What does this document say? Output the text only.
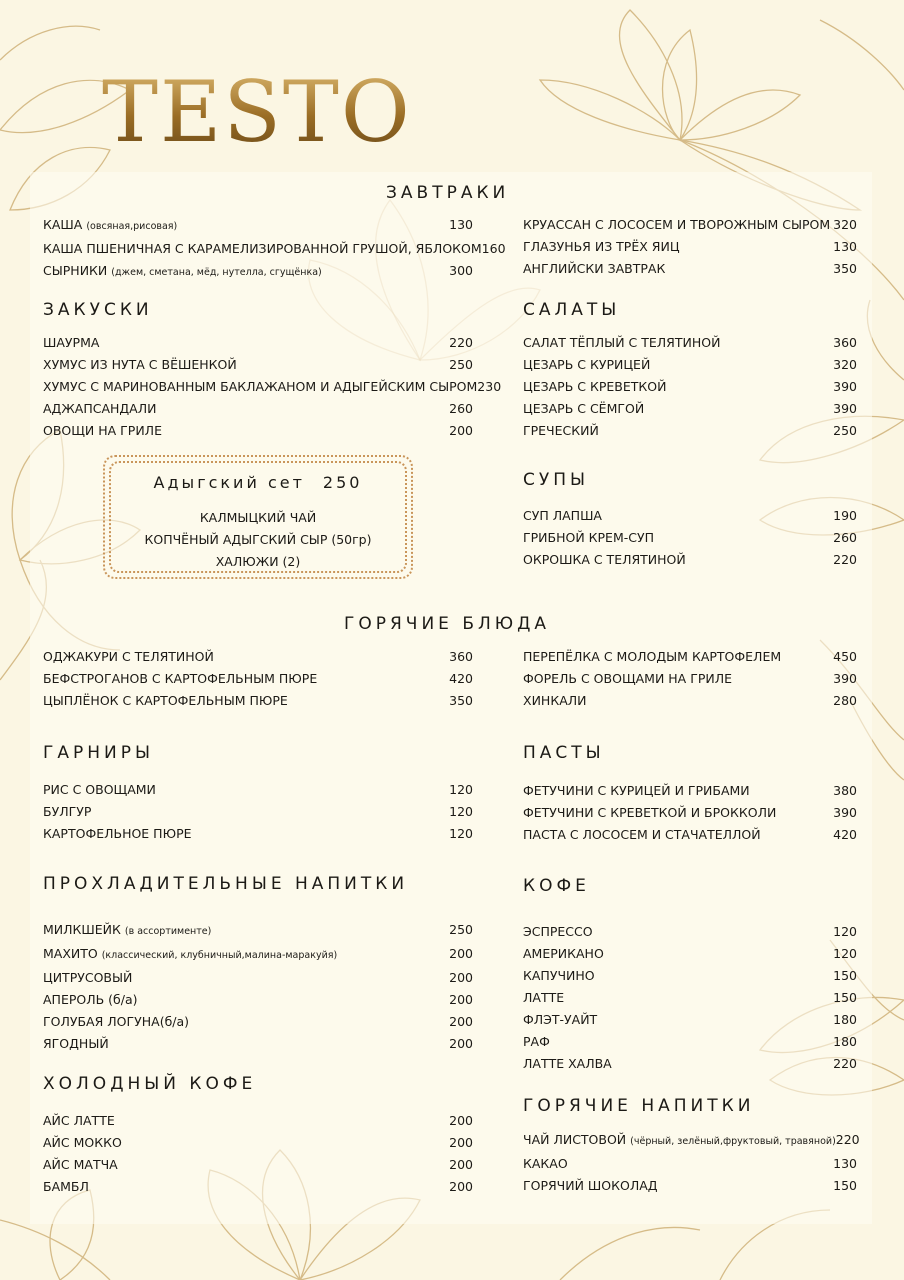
TESTO
ЗАВТРАКИ
КАША (овсяная,рисовая)	130
КАША ПШЕНИЧНАЯ С КАРАМЕЛИЗИРОВАННОЙ ГРУШОЙ, ЯБЛОКОМ 160
СЫРНИКИ (джем, сметана, мёд, нутелла, сгущёнка)	300
КРУАССАН С ЛОСОСЕМ И ТВОРОЖНЫМ СЫРОМ 320
ГЛАЗУНЬЯ ИЗ ТРЁХ ЯИЦ	130
АНГЛИЙСКИ ЗАВТРАК	350
ЗАКУСКИ
ШАУРМА	220
ХУМУС ИЗ НУТА С ВЁШЕНКОЙ	250
ХУМУС С МАРИНОВАННЫМ БАКЛАЖАНОМ И АДЫГЕЙСКИМ СЫРОМ 230
АДЖАПСАНДАЛИ	260
ОВОЩИ НА ГРИЛЕ	200
САЛАТЫ
САЛАТ ТЁПЛЫЙ С ТЕЛЯТИНОЙ	360
ЦЕЗАРЬ С КУРИЦЕЙ	320
ЦЕЗАРЬ С КРЕВЕТКОЙ	390
ЦЕЗАРЬ С СЁМГОЙ	390
ГРЕЧЕСКИЙ	250
Адыгский сет 250
КАЛМЫЦКИЙ ЧАЙ
КОПЧЁНЫЙ АДЫГСКИЙ СЫР (50гр)
ХАЛЮЖИ (2)
СУПЫ
СУП ЛАПША	190
ГРИБНОЙ КРЕМ-СУП	260
ОКРОШКА С ТЕЛЯТИНОЙ	220
ГОРЯЧИЕ БЛЮДА
ОДЖАКУРИ С ТЕЛЯТИНОЙ	360
БЕФСТРОГАНОВ С КАРТОФЕЛЬНЫМ ПЮРЕ	420
ЦЫПЛЁНОК С КАРТОФЕЛЬНЫМ ПЮРЕ	350
ПЕРЕПЁЛКА С МОЛОДЫМ КАРТОФЕЛЕМ	450
ФОРЕЛЬ С ОВОЩАМИ НА ГРИЛЕ	390
ХИНКАЛИ	280
ГАРНИРЫ
РИС С ОВОЩАМИ	120
БУЛГУР	120
КАРТОФЕЛЬНОЕ ПЮРЕ	120
ПАСТЫ
ФЕТУЧИНИ С КУРИЦЕЙ И ГРИБАМИ	380
ФЕТУЧИНИ С КРЕВЕТКОЙ И БРОККОЛИ	390
ПАСТА С ЛОСОСЕМ И СТАЧАТЕЛЛОЙ	420
ПРОХЛАДИТЕЛЬНЫЕ НАПИТКИ
МИЛКШЕЙК (в ассортименте)	250
МАХИТО (классический, клубничный,малина-маракуйя)	200
ЦИТРУСОВЫЙ	200
АПЕРОЛЬ (б/а)	200
ГОЛУБАЯ ЛОГУНА(б/а)	200
ЯГОДНЫЙ	200
КОФЕ
ЭСПРЕССО	120
АМЕРИКАНО	120
КАПУЧИНО	150
ЛАТТЕ	150
ФЛЭТ-УАЙТ	180
РАФ	180
ЛАТТЕ ХАЛВА	220
ХОЛОДНЫЙ КОФЕ
АЙС ЛАТТЕ	200
АЙС МОККО	200
АЙС МАТЧА	200
БАМБЛ	200
ГОРЯЧИЕ НАПИТКИ
ЧАЙ ЛИСТОВОЙ (чёрный, зелёный,фруктовый, травяной) 220
КАКАО	130
ГОРЯЧИЙ ШОКОЛАД	150
